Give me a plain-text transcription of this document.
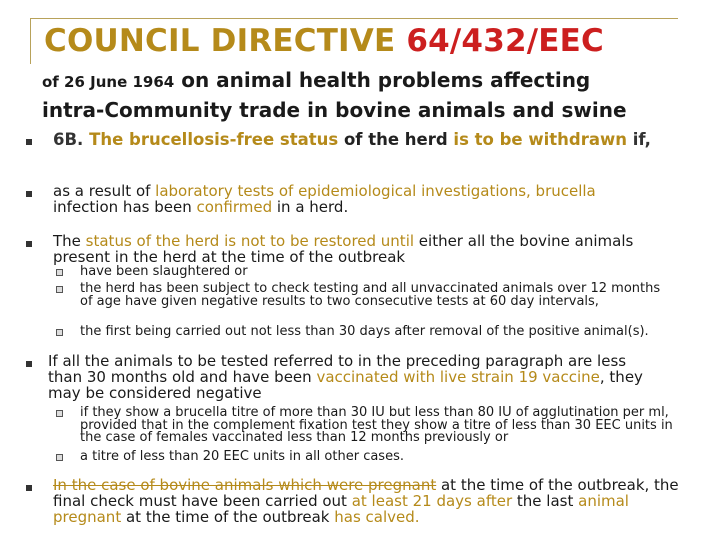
COUNCIL DIRECTIVE 64/432/EEC

of 26 June 1964 on animal health problems affecting
intra-Community trade in bovine animals and swine

6B. The brucellosis-free status of the herd is to be withdrawn if,

as a result of laboratory tests of epidemiological investigations, brucella
infection has been confirmed in a herd.

The status of the herd is not to be restored until either all the bovine animals present in the herd at the time of the outbreak

have been slaughtered or

the herd has been subject to check testing and all unvaccinated animals over 12 months of age have given negative results to two consecutive tests at 60 day intervals,

the first being carried out not less than 30 days after removal of the positive animal(s).

If all the animals to be tested referred to in the preceding paragraph are less than 30 months old and have been vaccinated with live strain 19 vaccine, they may be considered negative

if they show a brucella titre of more than 30 IU but less than 80 IU of agglutination per ml, provided that in the complement fixation test they show a titre of less than 30 EEC units in the case of females vaccinated less than 12 months previously or

a titre of less than 20 EEC units in all other cases.

In the case of bovine animals which were pregnant at the time of the outbreak, the final check must have been carried out at least 21 days after the last animal pregnant at the time of the outbreak has calved.
